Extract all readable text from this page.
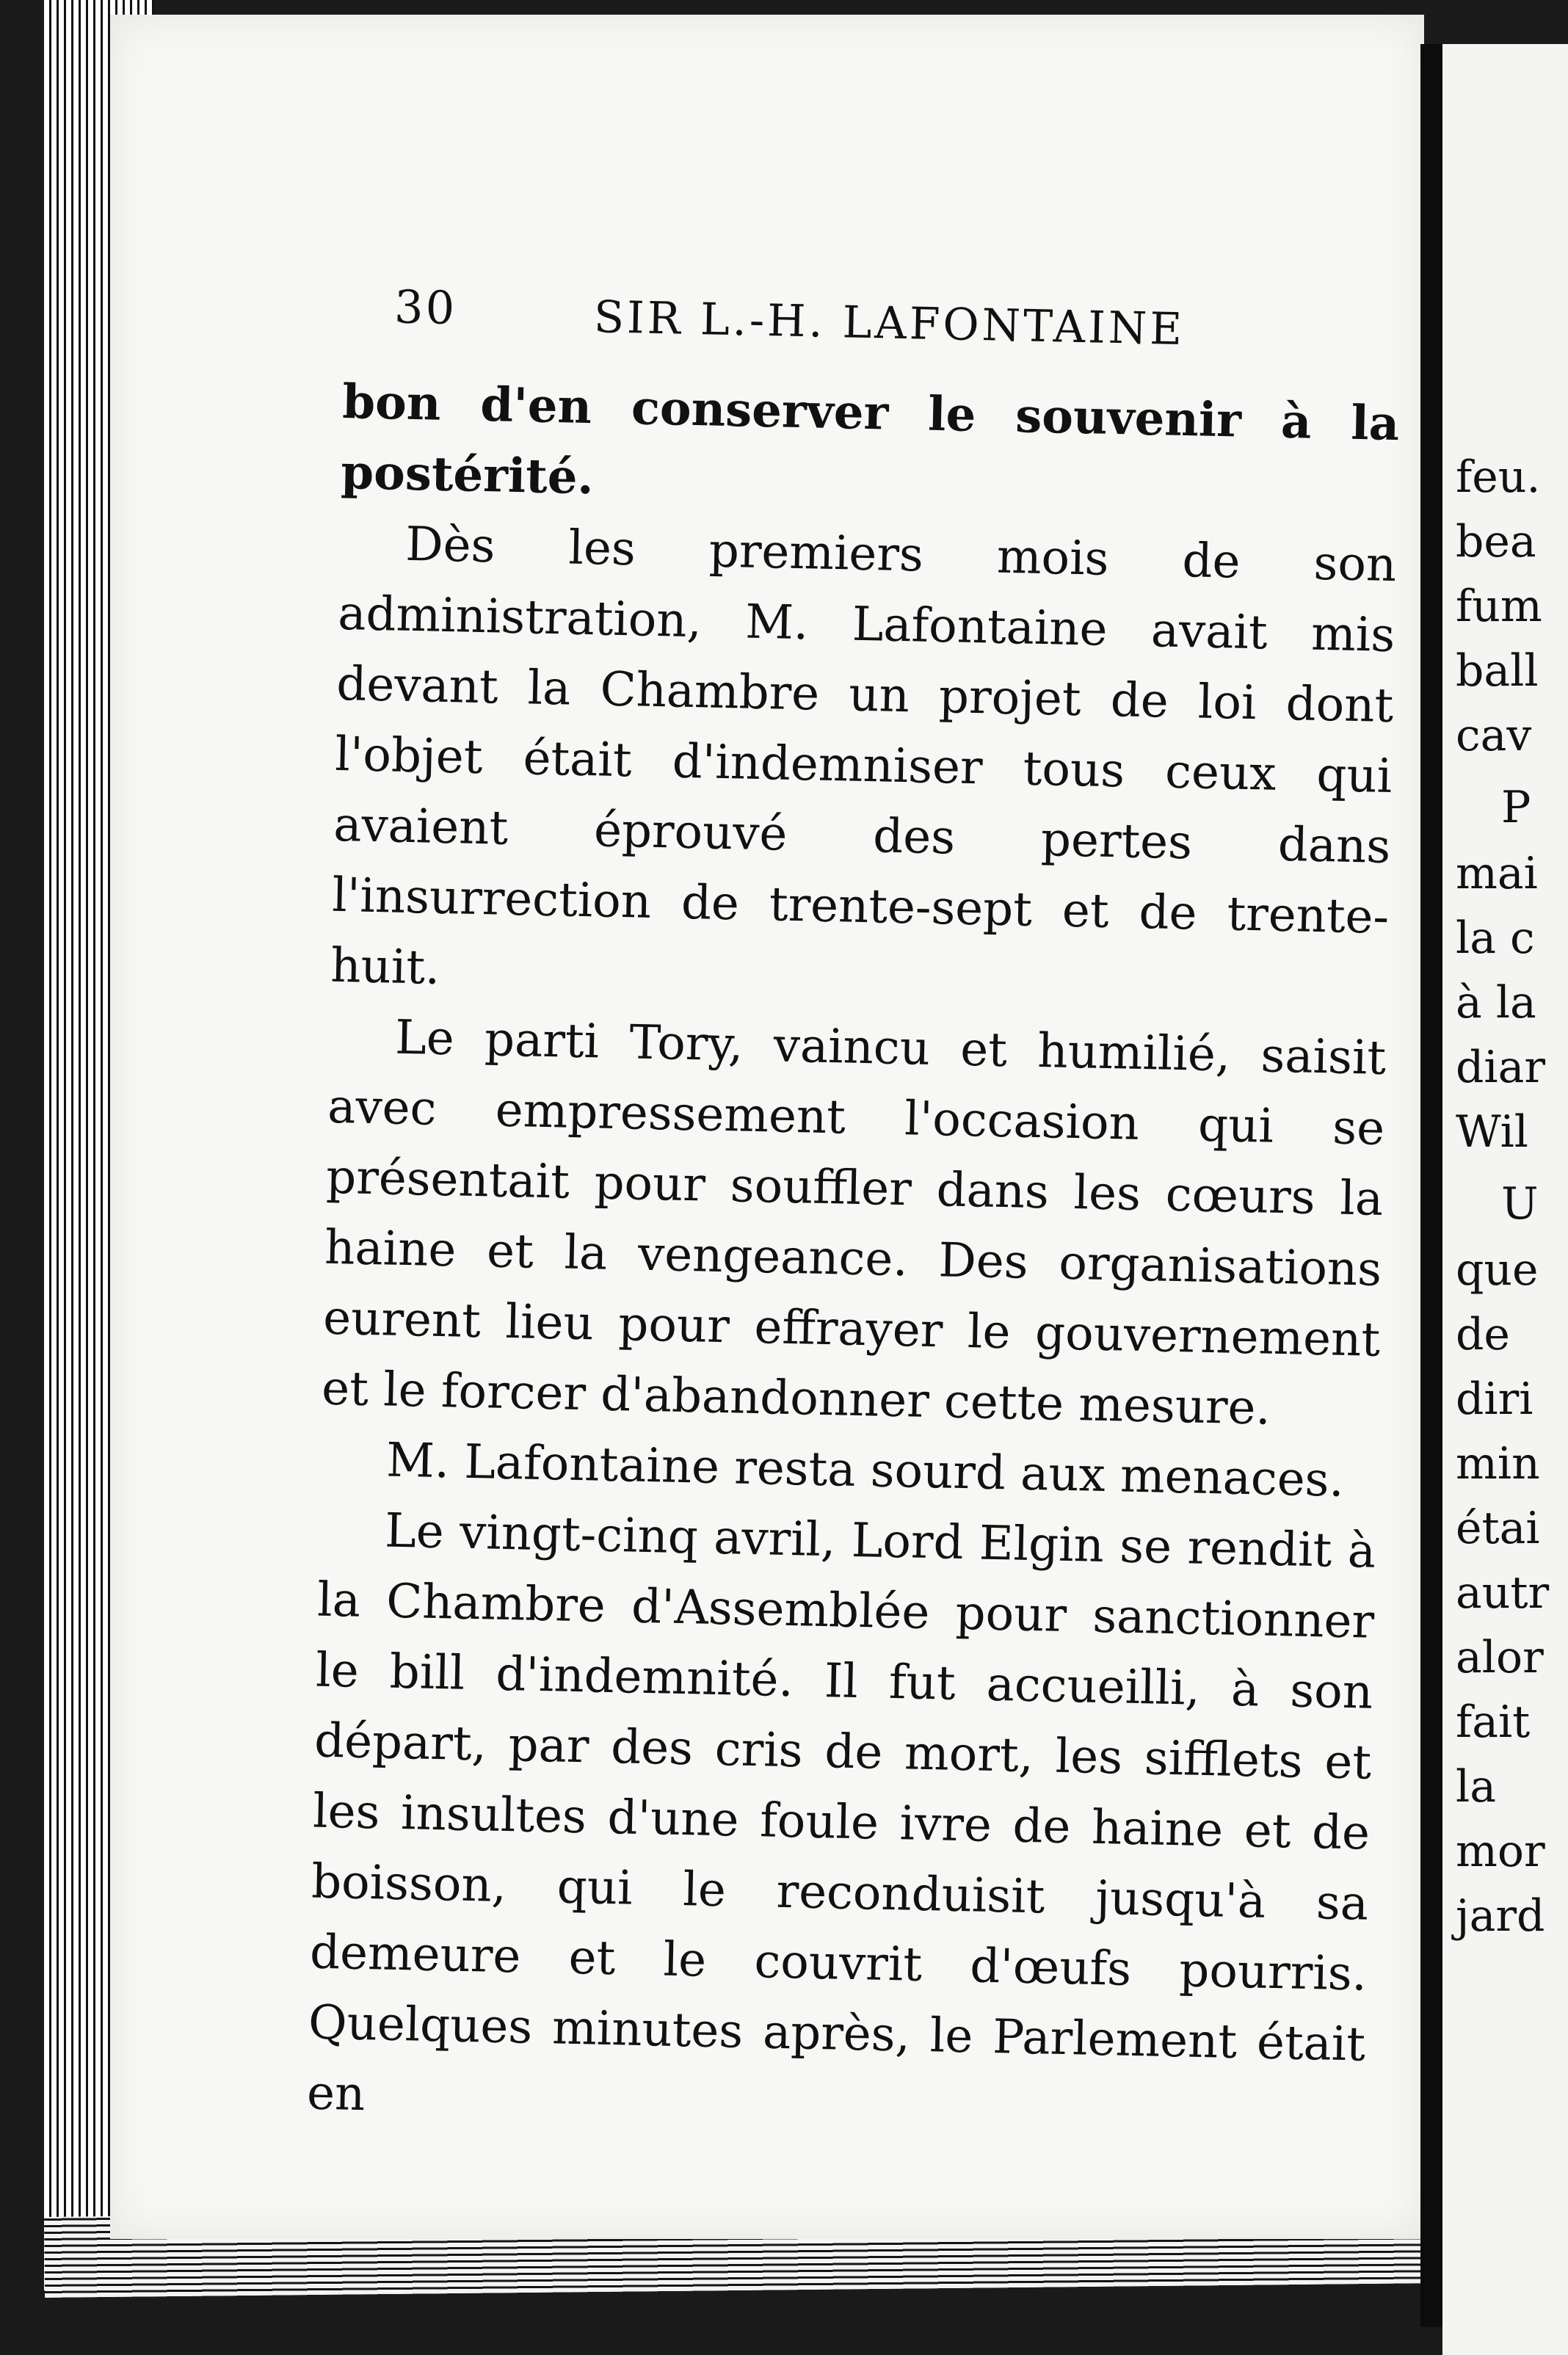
30	SIR L.-H. LAFONTAINE

bon d'en conserver le souvenir à la postérité.

Dès les premiers mois de son administration, M. Lafontaine avait mis devant la Chambre un projet de loi dont l'objet était d'indemniser tous ceux qui avaient éprouvé des pertes dans l'insurrection de trente-sept et de trente-huit.

Le parti Tory, vaincu et humilié, saisit avec empressement l'occasion qui se présentait pour souffler dans les cœurs la haine et la vengeance. Des organisations eurent lieu pour effrayer le gouvernement et le forcer d'abandonner cette mesure.

M. Lafontaine resta sourd aux menaces.

Le vingt-cinq avril, Lord Elgin se rendit à la Chambre d'Assemblée pour sanctionner le bill d'indemnité. Il fut accueilli, à son départ, par des cris de mort, les sifflets et les insultes d'une foule ivre de haine et de boisson, qui le reconduisit jusqu'à sa demeure et le couvrit d'œufs pourris. Quelques minutes après, le Parlement était en

feu.
bea
fum
ball
cav
P
mai
la c
à la
diar
Wil
U
que
de
diri
min
étai
autr
alor
fait
la
mor
jard
